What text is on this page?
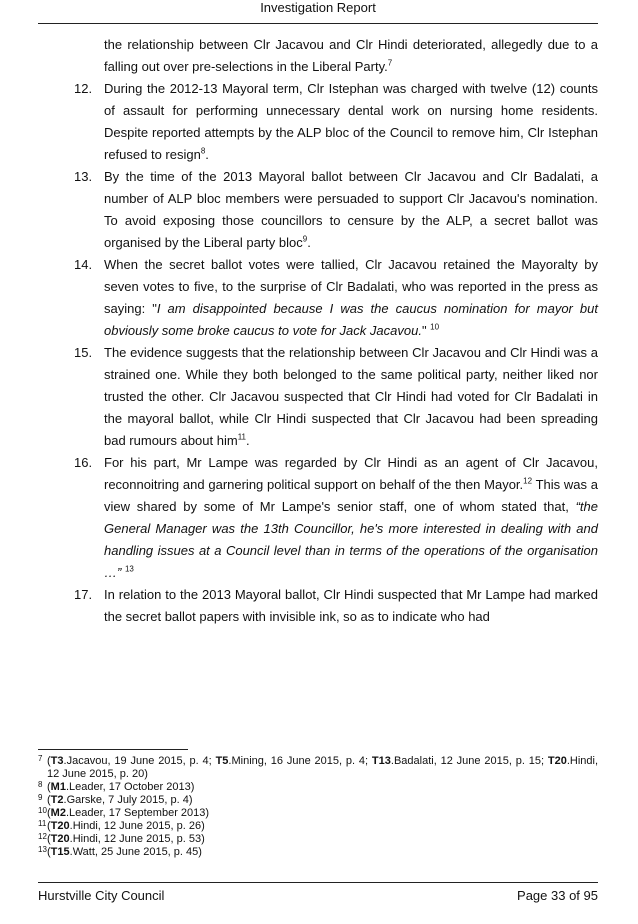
Investigation Report

the relationship between Clr Jacavou and Clr Hindi deteriorated, allegedly due to a falling out over pre-selections in the Liberal Party.$^7$

12. During the 2012-13 Mayoral term, Clr Istephan was charged with twelve (12) counts of assault for performing unnecessary dental work on nursing home residents. Despite reported attempts by the ALP bloc of the Council to remove him, Clr Istephan refused to resign$^8$.

13. By the time of the 2013 Mayoral ballot between Clr Jacavou and Clr Badalati, a number of ALP bloc members were persuaded to support Clr Jacavou's nomination. To avoid exposing those councillors to censure by the ALP, a secret ballot was organised by the Liberal party bloc$^9$.

14. When the secret ballot votes were tallied, Clr Jacavou retained the Mayoralty by seven votes to five, to the surprise of Clr Badalati, who was reported in the press as saying: "I am disappointed because I was the caucus nomination for mayor but obviously some broke caucus to vote for Jack Jacavou." $^{10}$

15. The evidence suggests that the relationship between Clr Jacavou and Clr Hindi was a strained one. While they both belonged to the same political party, neither liked nor trusted the other. Clr Jacavou suspected that Clr Hindi had voted for Clr Badalati in the mayoral ballot, while Clr Hindi suspected that Clr Jacavou had been spreading bad rumours about him$^{11}$.

16. For his part, Mr Lampe was regarded by Clr Hindi as an agent of Clr Jacavou, reconnoitring and garnering political support on behalf of the then Mayor.$^{12}$ This was a view shared by some of Mr Lampe's senior staff, one of whom stated that, “the General Manager was the 13th Councillor, he's more interested in dealing with and handling issues at a Council level than in terms of the operations of the organisation …” $^{13}$

17. In relation to the 2013 Mayoral ballot, Clr Hindi suspected that Mr Lampe had marked the secret ballot papers with invisible ink, so as to indicate who had

7 (T3.Jacavou, 19 June 2015, p. 4; T5.Mining, 16 June 2015, p. 4; T13.Badalati, 12 June 2015, p. 15; T20.Hindi, 12 June 2015, p. 20)

8 (M1.Leader, 17 October 2013)

9 (T2.Garske, 7 July 2015, p. 4)

10 (M2.Leader, 17 September 2013)

11 (T20.Hindi, 12 June 2015, p. 26)

12 (T20.Hindi, 12 June 2015, p. 53)

13 (T15.Watt, 25 June 2015, p. 45)

Hurstville City Council	Page 33 of 95
